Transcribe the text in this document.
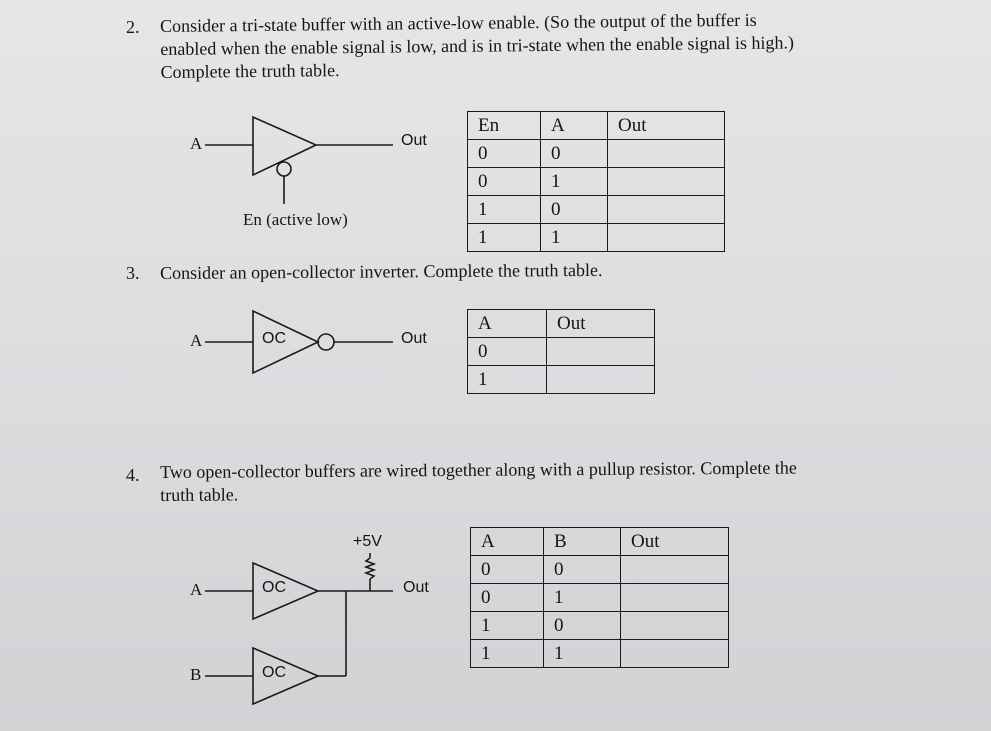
2. Consider a tri-state buffer with an active-low enable. (So the output of the buffer is
enabled when the enable signal is low, and is in tri-state when the enable signal is high.)
Complete the truth table.
A	Out
En (active low)
En	A	Out
0	0	
0	1	
1	0	
1	1	
3. Consider an open-collector inverter. Complete the truth table.
A	OC	Out
A	Out
0	
1	
4. Two open-collector buffers are wired together along with a pullup resistor. Complete the
truth table.
+5V
A	OC	Out
B	OC
A	B	Out
0	0	
0	1	
1	0	
1	1	
